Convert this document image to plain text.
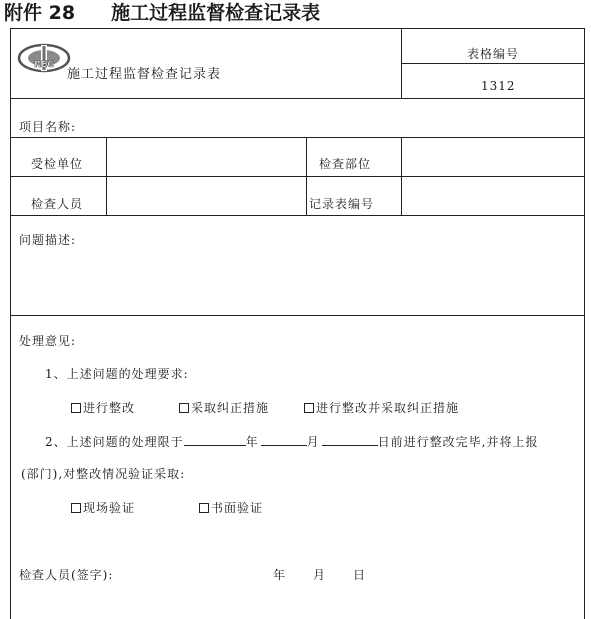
附件 28 施工过程监督检查记录表
REC
施工过程监督检查记录表
表格编号
1312
项目名称:
受检单位	检查部位
检查人员	记录表编号
问题描述:
处理意见:
1、上述问题的处理要求:
进行整改	采取纠正措施	进行整改并采取纠正措施
2、上述问题的处理限于	年	月	日前进行整改完毕,并将上报
(部门),对整改情况验证采取:
现场验证	书面验证
检查人员(签字):	年 月 日
